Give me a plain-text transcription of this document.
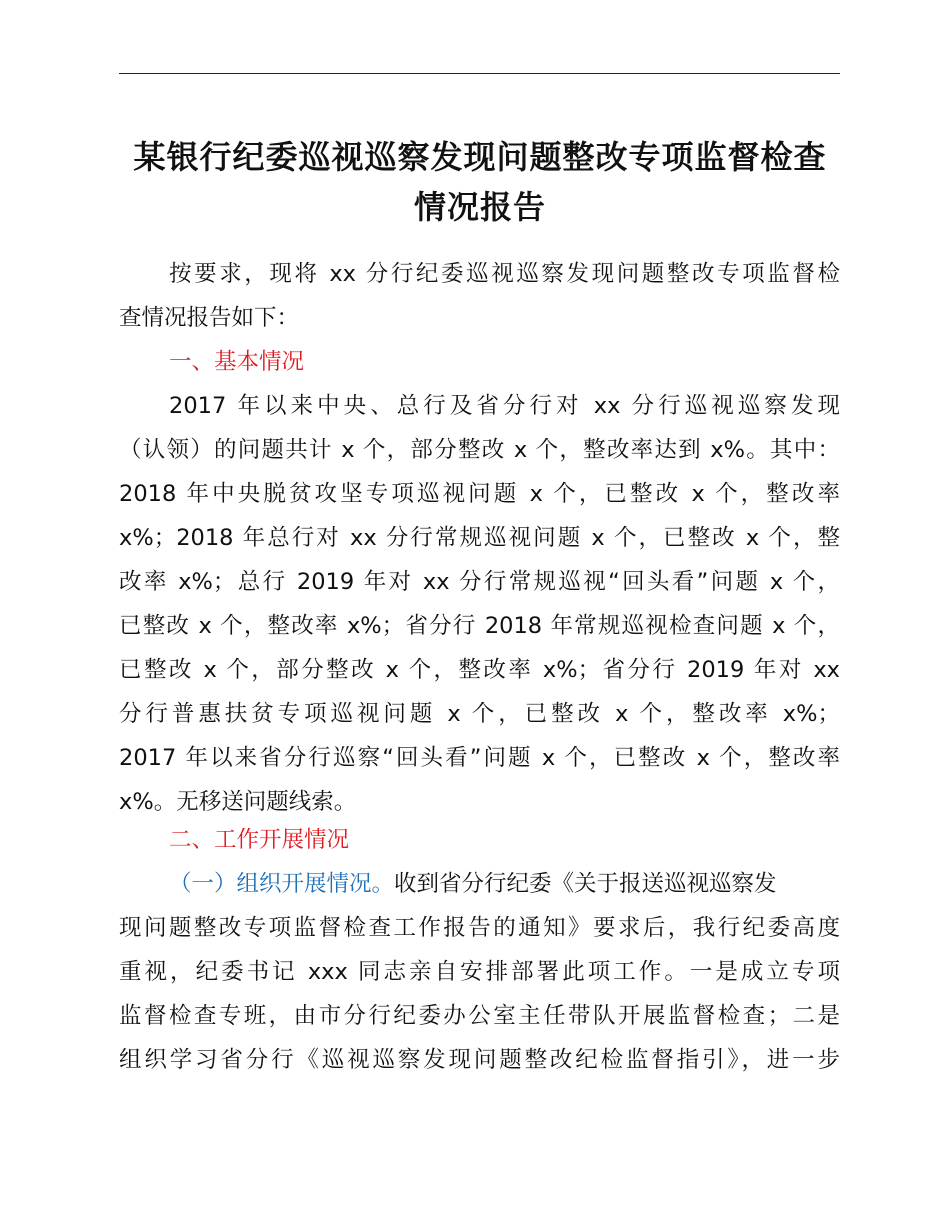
某银行纪委巡视巡察发现问题整改专项监督检查
情况报告
按要求，现将 xx 分行纪委巡视巡察发现问题整改专项监督检
查情况报告如下：
一、基本情况
2017 年以来中央、总行及省分行对 xx 分行巡视巡察发现
（认领）的问题共计 x 个，部分整改 x 个，整改率达到 x%。其中：
2018 年中央脱贫攻坚专项巡视问题 x 个，已整改 x 个，整改率
x%；2018 年总行对 xx 分行常规巡视问题 x 个，已整改 x 个，整
改率 x%；总行 2019 年对 xx 分行常规巡视“回头看”问题 x 个，
已整改 x 个，整改率 x%；省分行 2018 年常规巡视检查问题 x 个，
已整改 x 个，部分整改 x 个，整改率 x%；省分行 2019 年对 xx
分行普惠扶贫专项巡视问题 x 个，已整改 x 个，整改率 x%；
2017 年以来省分行巡察“回头看”问题 x 个，已整改 x 个，整改率
x%。无移送问题线索。
二、工作开展情况
（一）组织开展情况。收到省分行纪委《关于报送巡视巡察发
现问题整改专项监督检查工作报告的通知》要求后，我行纪委高度
重视，纪委书记 xxx 同志亲自安排部署此项工作。一是成立专项
监督检查专班，由市分行纪委办公室主任带队开展监督检查；二是
组织学习省分行《巡视巡察发现问题整改纪检监督指引》，进一步
